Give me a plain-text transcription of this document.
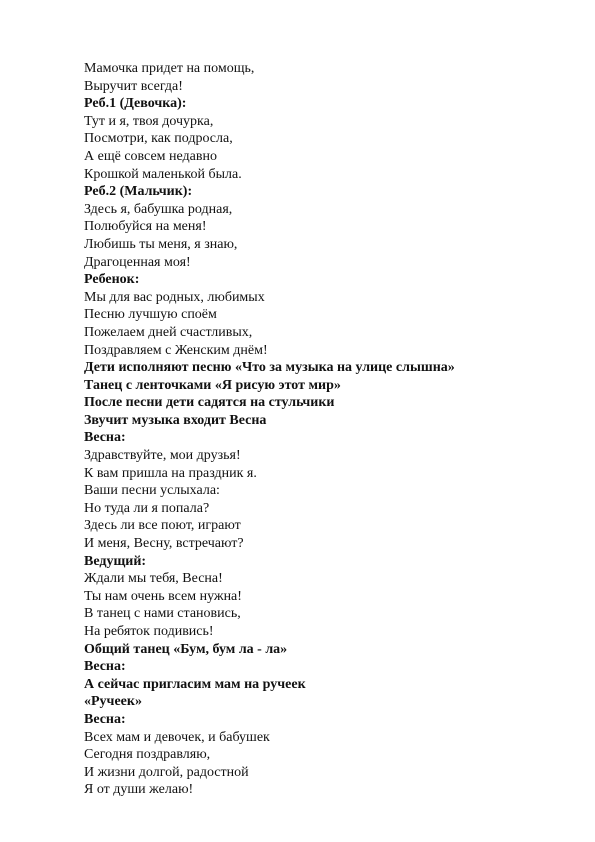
Мамочка придет на помощь,
Выручит всегда!
Реб.1 (Девочка):
Тут и я, твоя дочурка,
Посмотри, как подросла,
А ещё совсем недавно
Крошкой маленькой была.
Реб.2 (Мальчик):
Здесь я, бабушка родная,
Полюбуйся на меня!
Любишь ты меня, я знаю,
Драгоценная моя!
Ребенок:
Мы для вас родных, любимых
Песню лучшую споём
Пожелаем дней счастливых,
Поздравляем с Женским днём!
Дети исполняют песню «Что за музыка на улице слышна»
Танец с ленточками «Я рисую этот мир»
После песни дети садятся на стульчики
Звучит музыка входит Весна
Весна:
Здравствуйте, мои друзья!
К вам пришла на праздник я.
Ваши песни услыхала:
Но туда ли я попала?
Здесь ли все поют, играют
И меня, Весну, встречают?
Ведущий:
Ждали мы тебя, Весна!
Ты нам очень всем нужна!
В танец с нами становись,
На ребяток подивись!
Общий танец «Бум, бум ла - ла»
Весна:
А сейчас пригласим мам на ручеек
«Ручеек»
Весна:
Всех мам и девочек, и бабушек
Сегодня поздравляю,
И жизни долгой, радостной
Я от души желаю!
